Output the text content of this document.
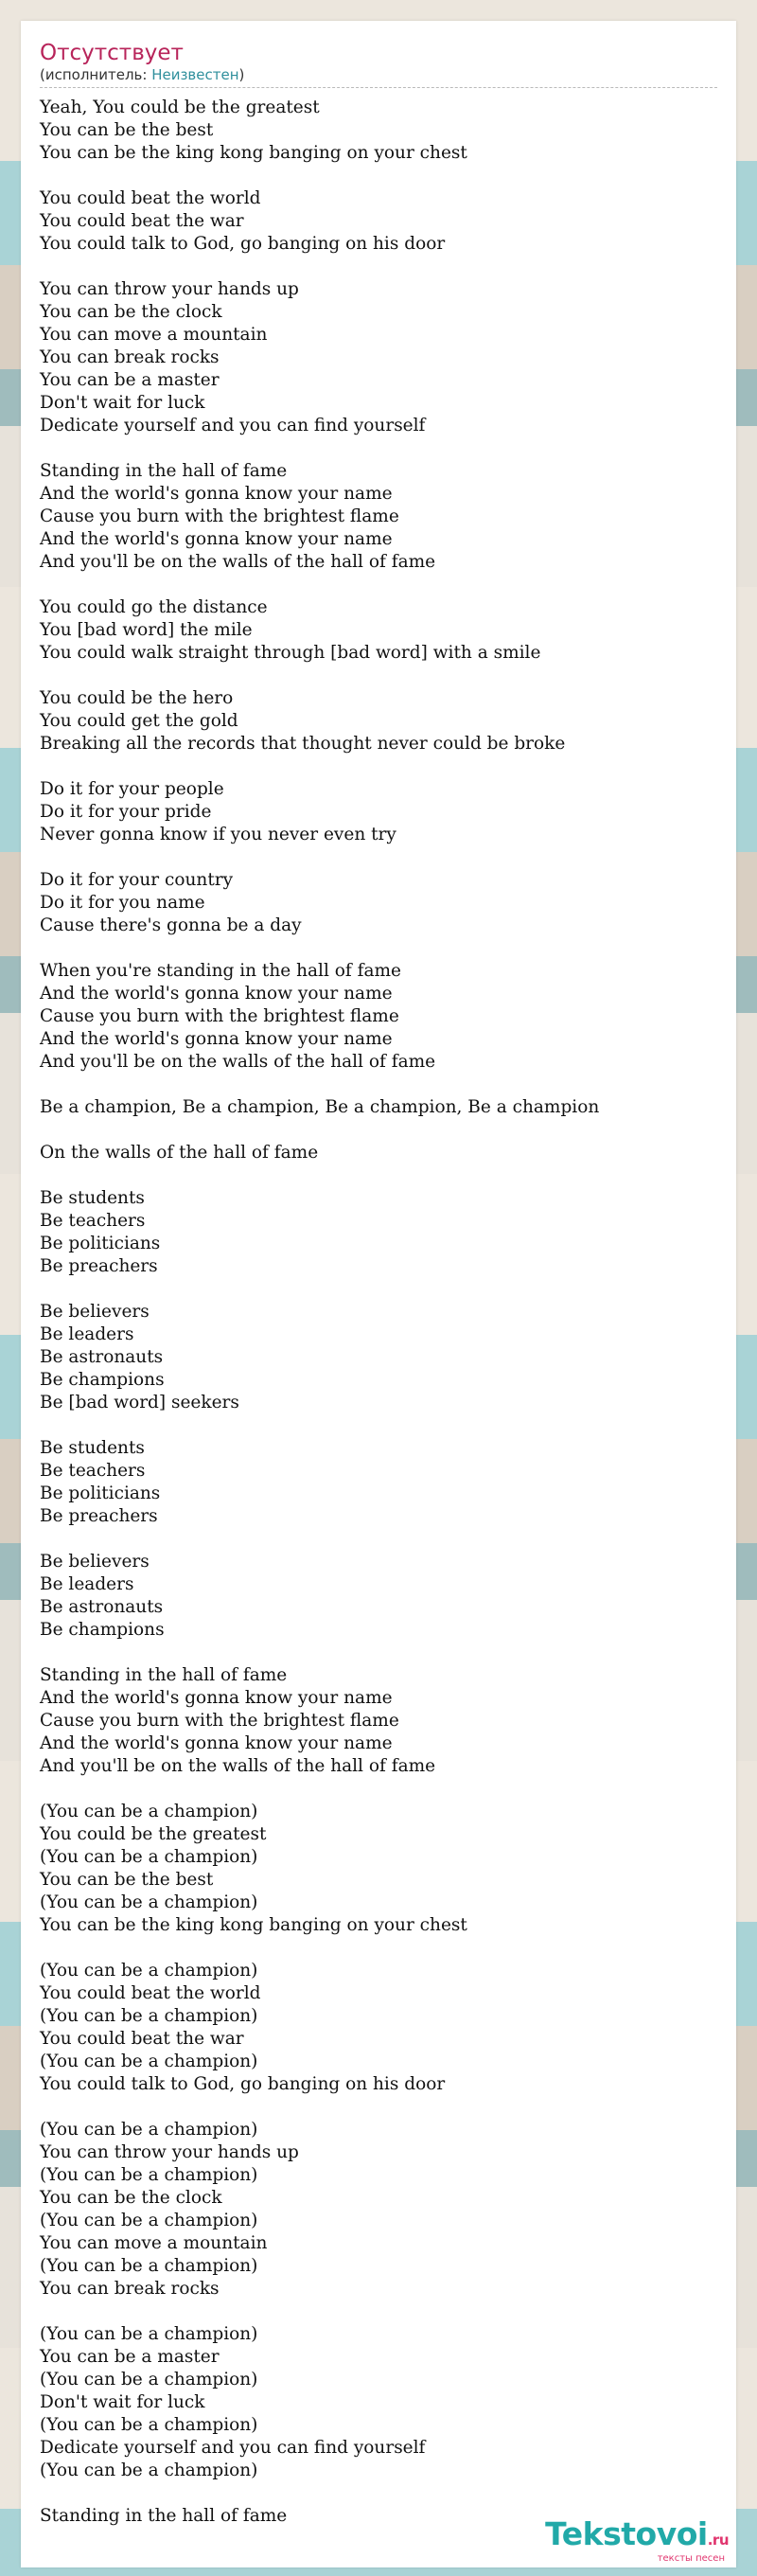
Отсутствует
(исполнитель: Неизвестен)
Yeah, You could be the greatest
You can be the best
You can be the king kong banging on your chest

You could beat the world
You could beat the war
You could talk to God, go banging on his door

You can throw your hands up
You can be the clock
You can move a mountain
You can break rocks
You can be a master
Don't wait for luck
Dedicate yourself and you can find yourself

Standing in the hall of fame
And the world's gonna know your name
Cause you burn with the brightest flame
And the world's gonna know your name
And you'll be on the walls of the hall of fame

You could go the distance
You [bad word] the mile
You could walk straight through [bad word] with a smile

You could be the hero
You could get the gold
Breaking all the records that thought never could be broke

Do it for your people
Do it for your pride
Never gonna know if you never even try

Do it for your country
Do it for you name
Cause there's gonna be a day

When you're standing in the hall of fame
And the world's gonna know your name
Cause you burn with the brightest flame
And the world's gonna know your name
And you'll be on the walls of the hall of fame

Be a champion, Be a champion, Be a champion, Be a champion

On the walls of the hall of fame

Be students
Be teachers
Be politicians
Be preachers

Be believers
Be leaders
Be astronauts
Be champions
Be [bad word] seekers

Be students
Be teachers
Be politicians
Be preachers

Be believers
Be leaders
Be astronauts
Be champions

Standing in the hall of fame
And the world's gonna know your name
Cause you burn with the brightest flame
And the world's gonna know your name
And you'll be on the walls of the hall of fame

(You can be a champion)
You could be the greatest
(You can be a champion)
You can be the best
(You can be a champion)
You can be the king kong banging on your chest

(You can be a champion)
You could beat the world
(You can be a champion)
You could beat the war
(You can be a champion)
You could talk to God, go banging on his door

(You can be a champion)
You can throw your hands up
(You can be a champion)
You can be the clock
(You can be a champion)
You can move a mountain
(You can be a champion)
You can break rocks

(You can be a champion)
You can be a master
(You can be a champion)
Don't wait for luck
(You can be a champion)
Dedicate yourself and you can find yourself
(You can be a champion)

Standing in the hall of fame	Tekstovoi.ru
тексты песен
